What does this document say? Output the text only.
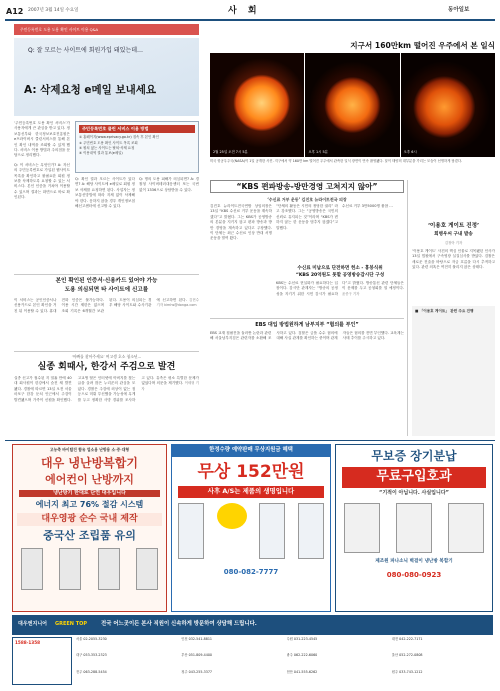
A12 2007년 3월 14일 수요일	사 회	동아일보
주민등록번호 도용 도용 확인 사이트 이용 Q&A
Q: 잘 모르는 사이트에 회원가입 돼있는데…
A: 삭제요청 e메일 보내세요
‘주민등록번호 도용 확인 서비스’가 사용자에게 큰 관심을 받고 있다. 정보통신부와 한국정보보호진흥원은 e프라이버시 클린서비스를 통해 본인 확인 내역을 조회할 수 있게 했다. 서비스 이용 방법과 주의점을 문답으로 정리했다.
Q: 이 서비스는 무엇인가? A: 자신의 주민등록번호로 가입된 웹사이트 목록을 확인하고 불필요한 회원 정보를 삭제하도록 요청할 수 있는 서비스다. 본인 인증을 거쳐야 이용할 수 있으며 결과는 화면으로 바로 확인된다.
주민등록번호 클린 서비스 이용 방법
① 홈페이지(www.eprivacy.go.kr) 접속 후 본인 확인
② 주민번호 도용 확인 사이트 목록 조회
③ 원치 않는 사이트는 탈퇴·삭제 요청
④ 이용내역 결과 통보(e메일)
Q: 확인 결과 모르는 사이트가 있다면? A: 해당 사이트에 e메일로 회원 정보 삭제를 요청하면 된다. 사업자는 정보통신망법에 따라 지체 없이 삭제해야 한다. 응하지 않을 경우 개인정보침해신고센터에 신고할 수 있다.
Q: 명의 도용 피해가 의심되면? A: 경찰청 사이버테러대응센터 또는 국번 없이 1336으로 상담받을 수 있다.
본인 확인된 인증서·신용카드 있어야 가능
도용 의심되면 타 사이트에 신고를
이 서비스는 공인인증서나 신용카드로 본인 확인을 거친 뒤 이용할 수 있다. 휴대전화 인증은 불가능하다. 이용 시간 제한은 없으며 조회 기록은 6개월간 보관된다. 도용이 의심되는 경우 해당 사이트와 수사기관에 신고하면 된다. 김현수 기자 kimhs@donga.com
‘아빠를 찾아주세요’ 여고생 호소 청소년…
실종 회때사, 한강서 주검으로 발견
실종 신고가 접수된 지 열흘 만에 40대 회사원이 한강에서 숨진 채 발견됐다. 경찰에 따르면 13일 오전 서울 마포구 한강 둔치 인근에서 주검이 발견됐으며 가족이 신원을 확인했다. 고교생 딸은 인터넷에 아버지를 찾는 글을 올려 많은 누리꾼의 관심을 모았다. 경찰은 주검에 외상이 없는 점 등으로 미뤄 투신했을 가능성에 무게를 두고 정확한 사망 경위를 조사하고 있다. 유족은 평소 특별한 문제가 없었다며 의문을 제기했다. 이세형 기자
지구서 160만km 떨어진 우주에서 본 일식
2월 25일 오전 7시 5분	오후 1시 5분	오후 6시
미국 항공우주국(NASA)이 1일 공개한 사진. 지구에서 약 160만 km 떨어진 우주에서 관측한 일식 장면이 연속 촬영됐다. 달이 태양의 대부분을 가리는 모습이 선명하게 담겼다.
“KBS 편파방송-방만경영 고쳐지지 않아”
‘수신료 거부 운동’ 김진호 뉴라이트전국 의장
김진호 뉴라이트전국연합 상임의장은 13일 “KBS 수신료 거부 운동을 계속하겠다”고 밝혔다. 그는 KBS가 공영방송의 본분을 지키지 않고 편파 방송과 방만 경영을 계속하고 있다고 주장했다. 이 단체는 최근 수신료 인상 반대 서명운동을 벌여 왔다.
“단체의 활동은 시민의 정당한 권리” 라고 강조했다. 그는 “공영방송은 국민의 신뢰로 유지되는 것”이라며 “KBS가 변하지 않는 한 운동을 멈추지 않겠다”고 말했다.
수신료 미납으로 단전하면 헌소 - 홍붕식위
“KBS 20억원도 못할 공영방송감시단 구성
수신료 거부 3만5000명 불참 …
KBS는 수신료 현실화가 필요하다는 입장이다. 감시단 관계자는 “방송의 공정성을 지키기 위한 시민 감시가 필요하다”고 밝혔다. 방송통신 관련 단체들은 이 문제를 두고 공청회를 열 예정이다. 윤종구 기자
EBS 대입 방법원하게 남부지부 “혐의를 부인”
EBS 교재 집필진을 둘러싼 논란과 관련해 서울남부지검은 관련자를 소환해 조사하고 있다. 검찰은 금품 수수 혐의에 대해 사실 관계를 확인하는 중이며 관계자들은 혐의를 전면 부인했다. 교육계는 사태 추이를 주시하고 있다.
‘이용호 게이트 진정’
회병우씨 구내 발송
김정아 기자
‘이용호 게이트’ 사건의 핵심 인물로 지목됐던 인사가 13일 법원에서 구속영장 실질심사를 받았다. 검찰은 새로운 진술을 바탕으로 자금 흐름을 다시 추적하고 있다. 관련 의혹은 여전히 풀리지 않은 상태다.
■ 「이용호 게이트」 관련 주요 진행
고농축 바이탈진 함유 업소용 난방용 소·중·대형
대우 냉난방복합기
에어컨이 난방까지
냉난방기 한대로 단연 대우입니다
에너지 최고 76% 절감 시스템
대우영광 순수 국내 제작
중국산 조립품 유의
한정수량 예약판매 무상지원금 혜택
무상 152만원
사후 A/S는 제품의 생명입니다
080-082-7777
무보증 장기분납
무료구입호과
“기적이 아닙니다. 사실입니다”
제조원 파나소닉 벽걸이 냉난방 복합기
080-080-0923
대우엔지니어 GREEN TOP	전국 어느곳이든 본사 직원이 신속하게 방문하여 상담해 드립니다.
1588-1358
서울 02-2055-3230	인천 032-541-8811	수원 031-223-4545	대전 042-222-7171
대구 053-353-2323	부산 051-809-4400	광주 062-222-6060	울산 052-272-0808
전주 063-288-5454	청주 043-255-3377	천안 041-555-6262	원주 033-743-1212
